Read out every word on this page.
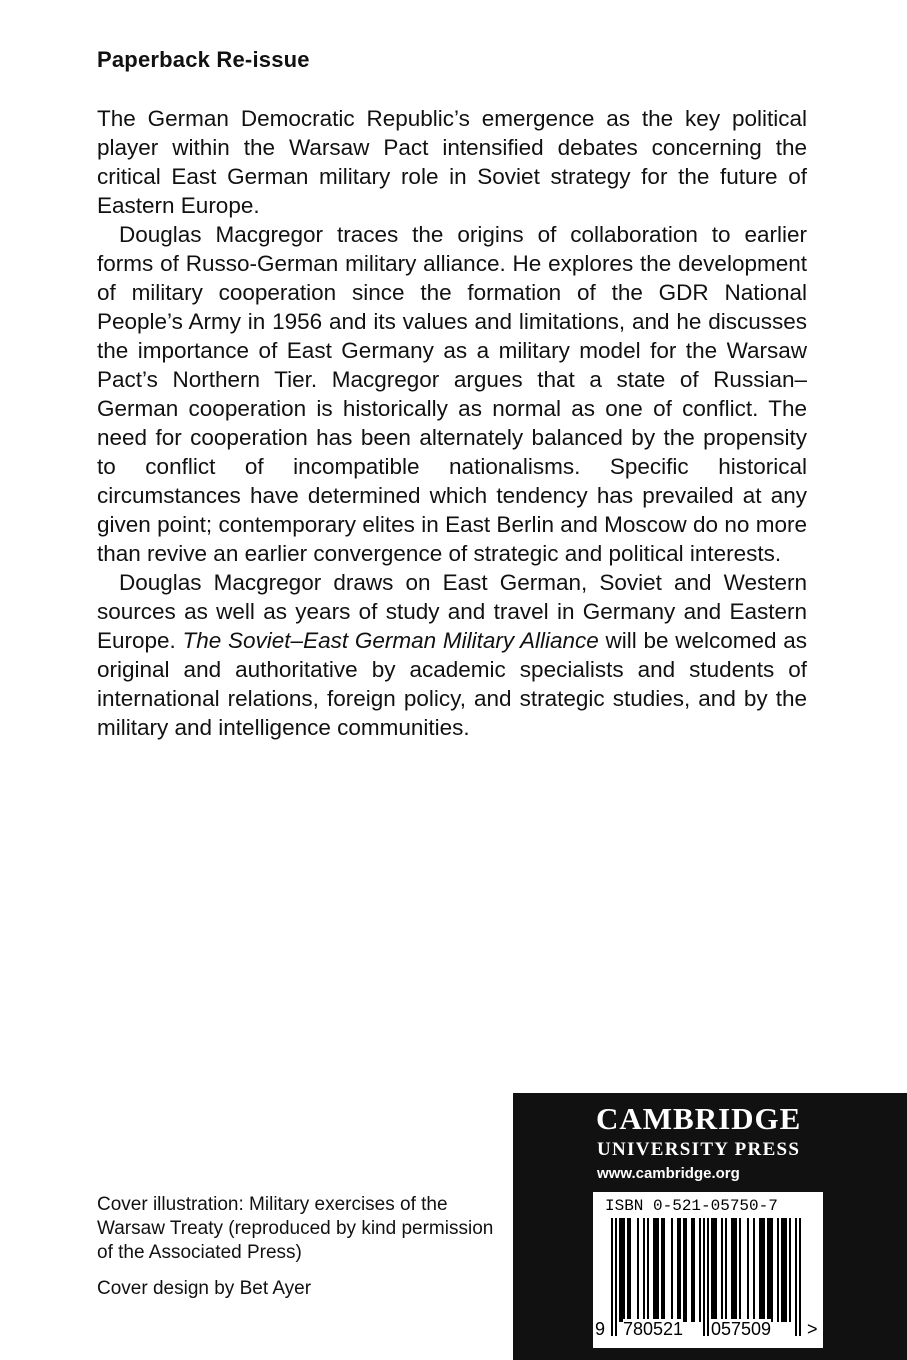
Paperback Re-issue

The German Democratic Republic’s emergence as the key political player within the Warsaw Pact intensified debates concerning the critical East German military role in Soviet strategy for the future of Eastern Europe.

Douglas Macgregor traces the origins of collaboration to earlier forms of Russo-German military alliance. He explores the development of military cooperation since the formation of the GDR National People’s Army in 1956 and its values and limitations, and he discusses the importance of East Germany as a military model for the Warsaw Pact’s Northern Tier. Macgregor argues that a state of Russian–German cooperation is historically as normal as one of conflict. The need for cooperation has been alternately balanced by the propensity to conflict of incompatible nationalisms. Specific historical circumstances have determined which tendency has prevailed at any given point; contemporary elites in East Berlin and Moscow do no more than revive an earlier convergence of strategic and political interests.

Douglas Macgregor draws on East German, Soviet and Western sources as well as years of study and travel in Germany and Eastern Europe. The Soviet–East German Military Alliance will be welcomed as original and authoritative by academic specialists and students of international relations, foreign policy, and strategic studies, and by the military and intelligence communities.

Cover illustration: Military exercises of the Warsaw Treaty (reproduced by kind permission of the Associated Press)

Cover design by Bet Ayer

CAMBRIDGE
UNIVERSITY PRESS
www.cambridge.org
ISBN 0-521-05750-7
9 780521 057509 >
